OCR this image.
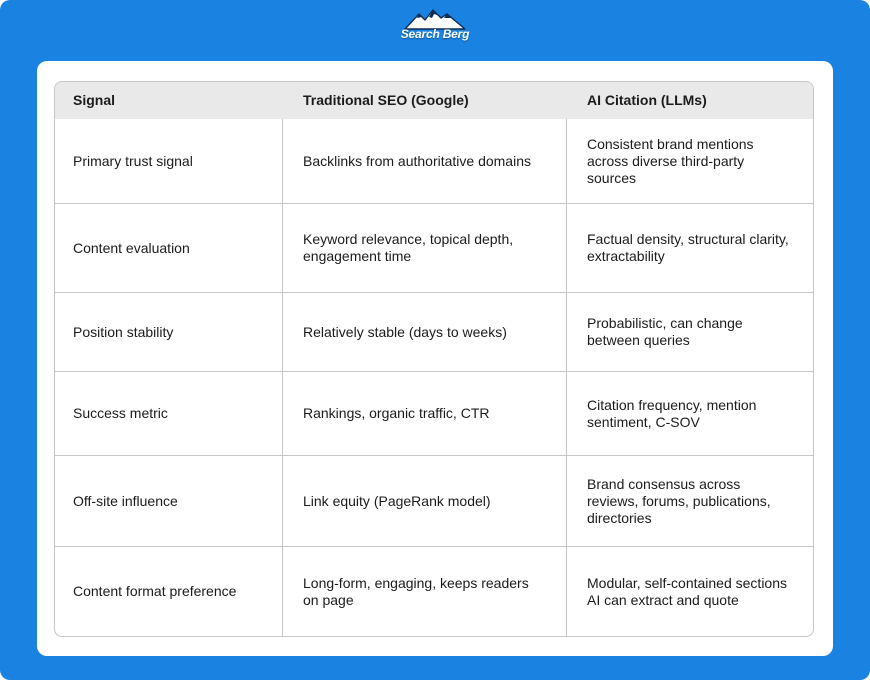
Search Berg
Signal	Traditional SEO (Google)	AI Citation (LLMs)
Primary trust signal	Backlinks from authoritative domains	Consistent brand mentions across diverse third-party sources
Content evaluation	Keyword relevance, topical depth, engagement time	Factual density, structural clarity, extractability
Position stability	Relatively stable (days to weeks)	Probabilistic, can change between queries
Success metric	Rankings, organic traffic, CTR	Citation frequency, mention sentiment, C-SOV
Off-site influence	Link equity (PageRank model)	Brand consensus across reviews, forums, publications, directories
Content format preference	Long-form, engaging, keeps readers on page	Modular, self-contained sections AI can extract and quote
